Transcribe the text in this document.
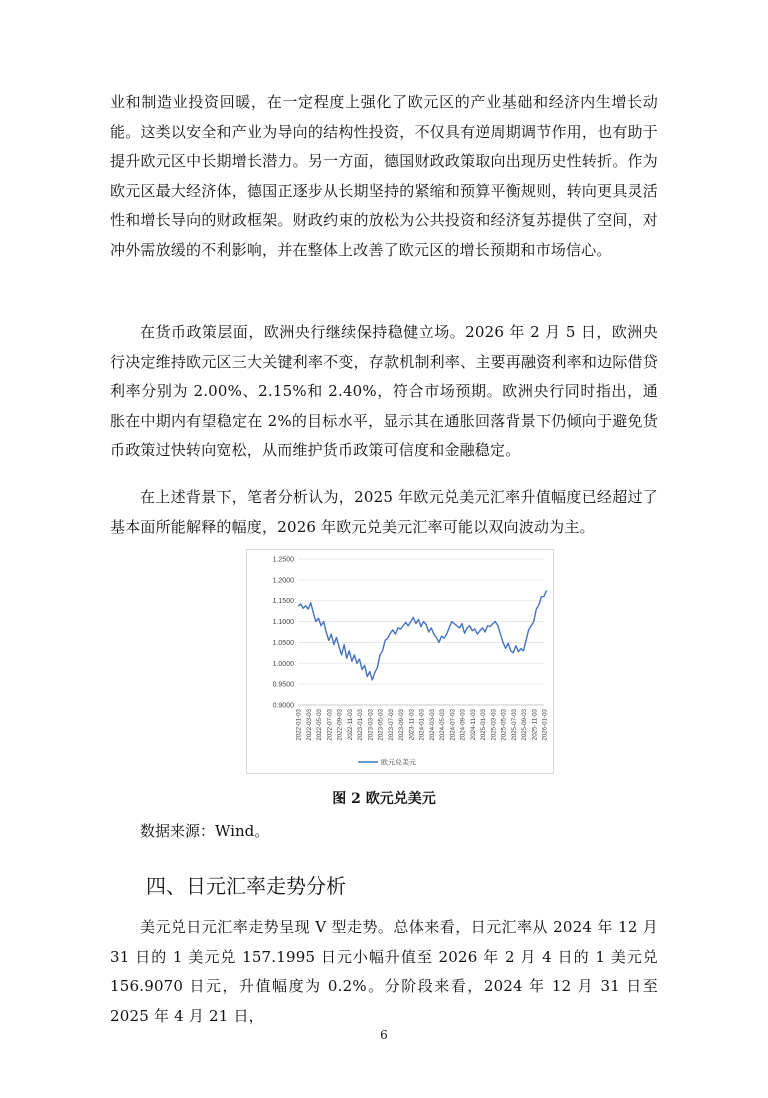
业和制造业投资回暖，在一定程度上强化了欧元区的产业基础和经济内生增长动能。这类以安全和产业为导向的结构性投资，不仅具有逆周期调节作用，也有助于提升欧元区中长期增长潜力。另一方面，德国财政政策取向出现历史性转折。作为欧元区最大经济体，德国正逐步从长期坚持的紧缩和预算平衡规则，转向更具灵活性和增长导向的财政框架。财政约束的放松为公共投资和经济复苏提供了空间，对冲外需放缓的不利影响，并在整体上改善了欧元区的增长预期和市场信心。

在货币政策层面，欧洲央行继续保持稳健立场。2026 年 2 月 5 日，欧洲央行决定维持欧元区三大关键利率不变，存款机制利率、主要再融资利率和边际借贷利率分别为 2.00%、2.15%和 2.40%，符合市场预期。欧洲央行同时指出，通胀在中期内有望稳定在 2%的目标水平，显示其在通胀回落背景下仍倾向于避免货币政策过快转向宽松，从而维护货币政策可信度和金融稳定。

在上述背景下，笔者分析认为，2025 年欧元兑美元汇率升值幅度已经超过了基本面所能解释的幅度，2026 年欧元兑美元汇率可能以双向波动为主。

1.2500
1.2000
1.1500
1.1000
1.0500
1.0000
0.9500
0.9000
2022-01-03 2022-03-03 2022-05-03 2022-07-03 2022-09-03 2022-11-03 2023-01-03 2023-03-03 2023-05-03 2023-07-03 2023-09-03 2023-11-03 2024-01-03 2024-03-03 2024-05-03 2024-07-03 2024-09-03 2024-11-03 2025-01-03 2025-03-03 2025-05-03 2025-07-03 2025-09-03 2025-11-03 2026-01-03
欧元兑美元

图 2 欧元兑美元

数据来源：Wind。

四、日元汇率走势分析

美元兑日元汇率走势呈现 V 型走势。总体来看，日元汇率从 2024 年 12 月 31 日的 1 美元兑 157.1995 日元小幅升值至 2026 年 2 月 4 日的 1 美元兑 156.9070 日元，升值幅度为 0.2%。分阶段来看，2024 年 12 月 31 日至 2025 年 4 月 21 日，

6
